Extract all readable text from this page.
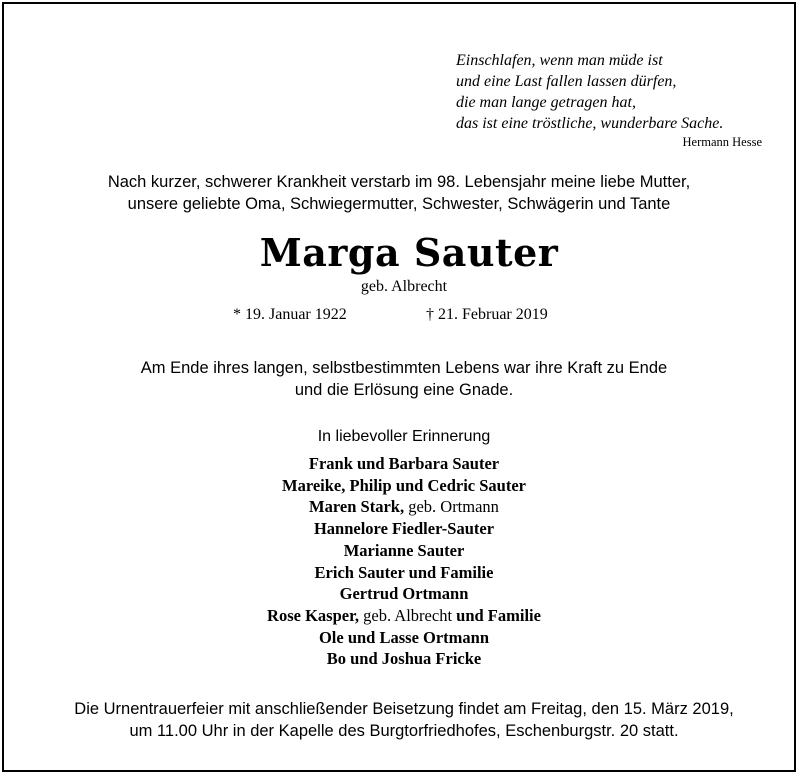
Einschlafen, wenn man müde ist
und eine Last fallen lassen dürfen,
die man lange getragen hat,
das ist eine tröstliche, wunderbare Sache.
Hermann Hesse
Nach kurzer, schwerer Krankheit verstarb im 98. Lebensjahr meine liebe Mutter,
unsere geliebte Oma, Schwiegermutter, Schwester, Schwägerin und Tante
Marga Sauter
geb. Albrecht
* 19. Januar 1922	† 21. Februar 2019
Am Ende ihres langen, selbstbestimmten Lebens war ihre Kraft zu Ende
und die Erlösung eine Gnade.
In liebevoller Erinnerung
Frank und Barbara Sauter
Mareike, Philip und Cedric Sauter
Maren Stark, geb. Ortmann
Hannelore Fiedler-Sauter
Marianne Sauter
Erich Sauter und Familie
Gertrud Ortmann
Rose Kasper, geb. Albrecht und Familie
Ole und Lasse Ortmann
Bo und Joshua Fricke
Die Urnentrauerfeier mit anschließender Beisetzung findet am Freitag, den 15. März 2019,
um 11.00 Uhr in der Kapelle des Burgtorfriedhofes, Eschenburgstr. 20 statt.
